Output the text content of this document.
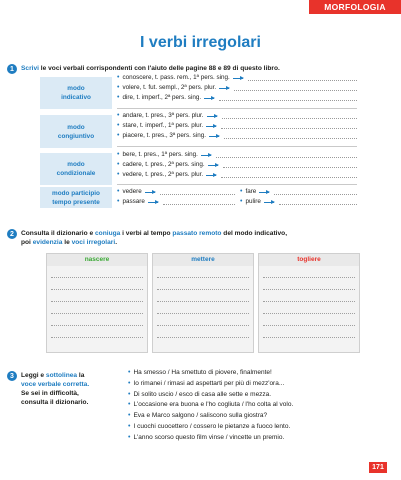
MORFOLOGIA
I verbi irregolari
1	Scrivi le voci verbali corrispondenti con l'aiuto delle pagine 88 e 89 di questo libro.
modo
indicativo
• conoscere, t. pass. rem., 1ª pers. sing.
• volere, t. fut. sempl., 2ª pers. plur.
• dire, t. imperf., 2ª pers. sing.
modo
congiuntivo
• andare, t. pres., 3ª pers. plur.
• stare, t. imperf., 1ª pers. plur.
• piacere, t. pres., 3ª pers. sing.
modo
condizionale
• bere, t. pres., 1ª pers. sing.
• cadere, t. pres., 2ª pers. sing.
• vedere, t. pres., 2ª pers. plur.
modo participio
tempo presente
• vedere
• passare
• fare
• pulire
2	Consulta il dizionario e coniuga i verbi al tempo passato remoto del modo indicativo,
poi evidenzia le voci irregolari.
nascere	mettere	togliere
3	Leggi e sottolinea la
voce verbale corretta.
Se sei in difficoltà,
consulta il dizionario.
• Ha smesso / Ha smettuto di piovere, finalmente!
• Io rimanei / rimasi ad aspettarti per più di mezz'ora...
• Di solito uscio / esco di casa alle sette e mezza.
• L'occasione era buona e l'ho cogliuta / l'ho colta al volo.
• Eva e Marco salgono / saliscono sulla giostra?
• I cuochi cuocettero / cossero le pietanze a fuoco lento.
• L'anno scorso questo film vinse / vincette un premio.
171
